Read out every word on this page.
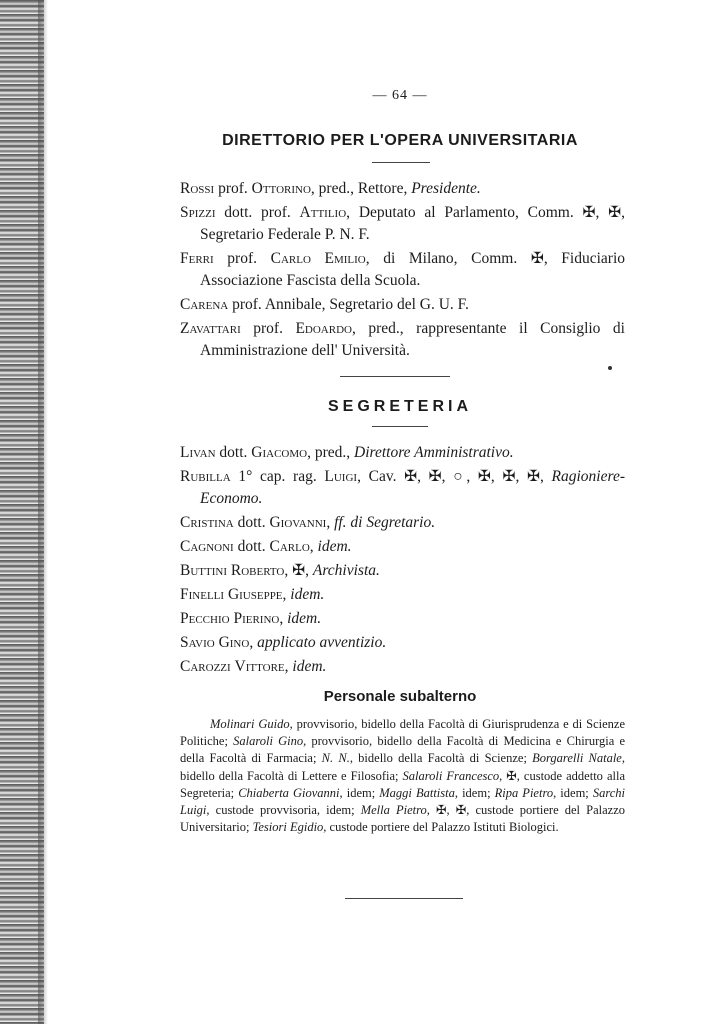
— 64 —
DIRETTORIO PER L'OPERA UNIVERSITARIA
Rossi prof. Ottorino, pred., Rettore, Presidente.
Spizzi dott. prof. Attilio, Deputato al Parlamento, Comm. ✠, ✠, Segretario Federale P. N. F.
Ferri prof. Carlo Emilio, di Milano, Comm. ✠, Fiduciario Associazione Fascista della Scuola.
Carena prof. Annibale, Segretario del G. U. F.
Zavattari prof. Edoardo, pred., rappresentante il Consiglio di Amministrazione dell' Università.
SEGRETERIA
Livan dott. Giacomo, pred., Direttore Amministrativo.
Rubilla 1° cap. rag. Luigi, Cav. ✠, ✠, ○, ✠, ✠, ✠, Ragioniere-Economo.
Cristina dott. Giovanni, ff. di Segretario.
Cagnoni dott. Carlo, idem.
Buttini Roberto, ✠, Archivista.
Finelli Giuseppe, idem.
Pecchio Pierino, idem.
Savio Gino, applicato avventizio.
Carozzi Vittore, idem.
Personale subalterno
Molinari Guido, provvisorio, bidello della Facoltà di Giurisprudenza e di Scienze Politiche; Salaroli Gino, provvisorio, bidello della Facoltà di Medicina e Chirurgia e della Facoltà di Farmacia; N. N., bidello della Facoltà di Scienze; Borgarelli Natale, bidello della Facoltà di Lettere e Filosofia; Salaroli Francesco, ✠, custode addetto alla Segreteria; Chiaberta Giovanni, idem; Maggi Battista, idem; Ripa Pietro, idem; Sarchi Luigi, custode provvisoria, idem; Mella Pietro, ✠, ✠, custode portiere del Palazzo Universitario; Tesiori Egidio, custode portiere del Palazzo Istituti Biologici.
